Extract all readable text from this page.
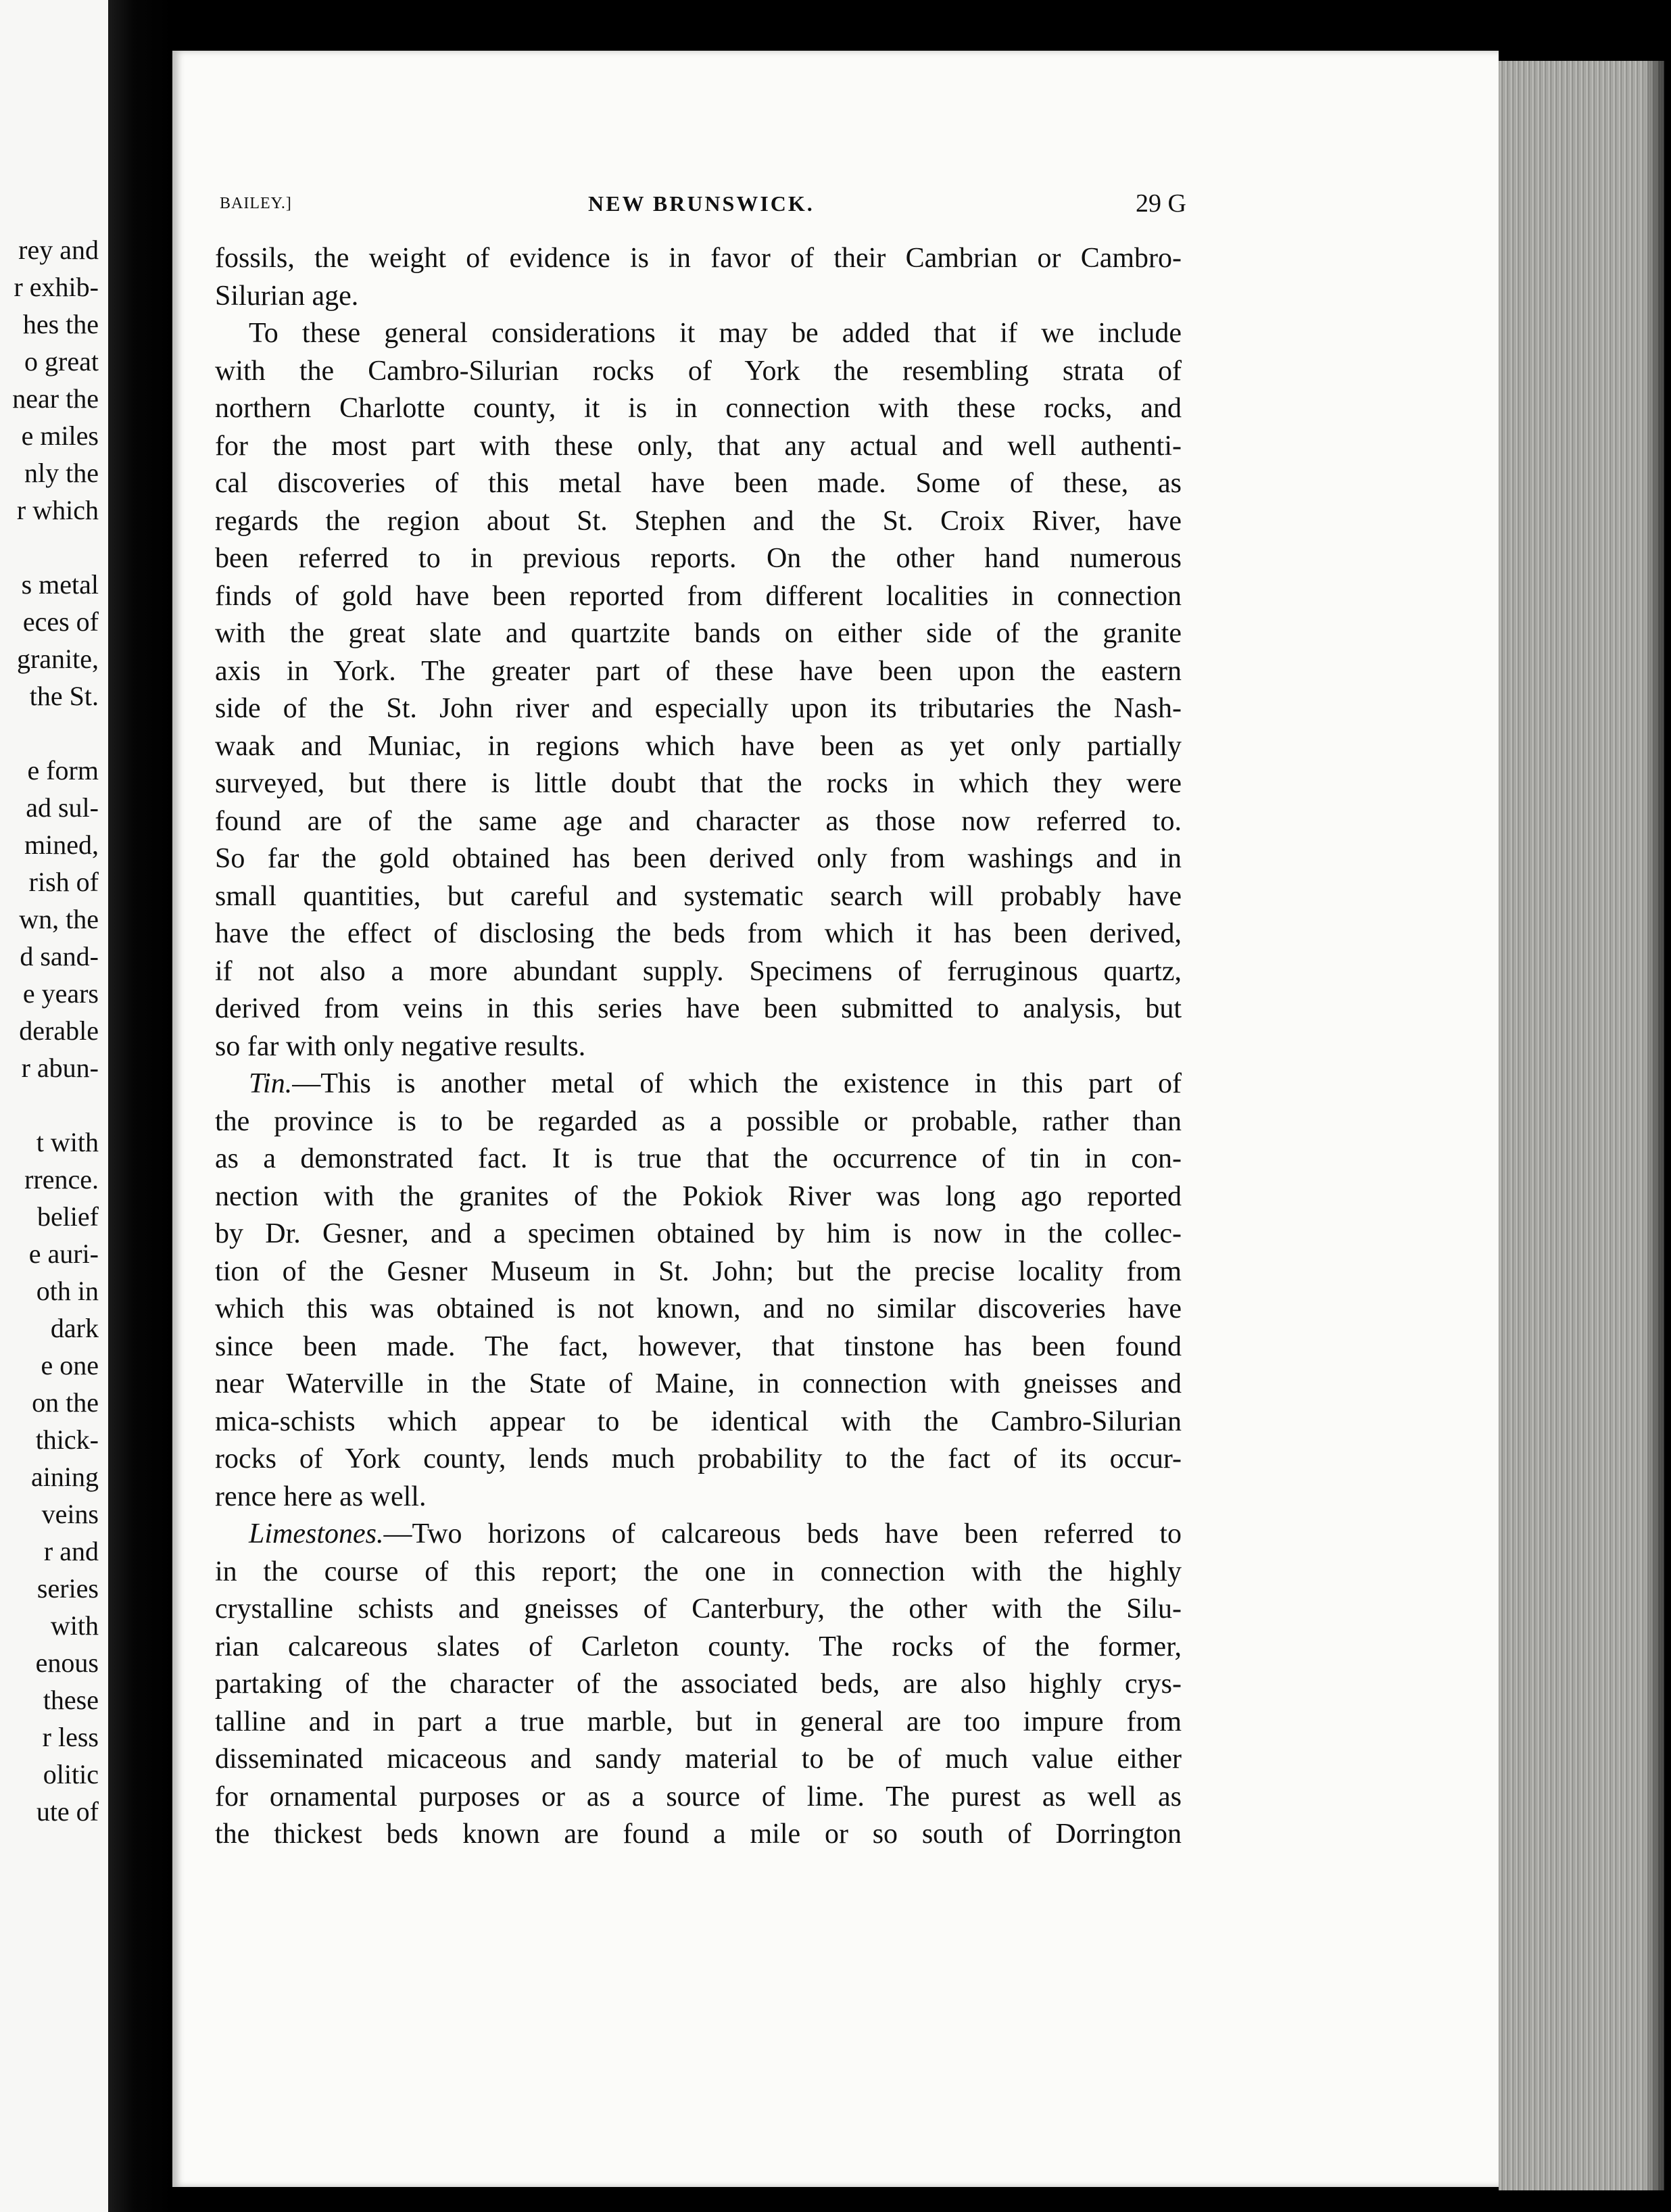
rey and
r exhib-
hes the
o great
near the
e miles
nly the
r which
s metal
eces of
granite,
the St.
e form
ad sul-
mined,
rish of
wn, the
d sand-
e years
derable
r abun-
t with
rrence.
belief
e auri-
oth in
dark
e one
on the
thick-
aining
veins
r and
series
with
enous
these
r less
olitic
ute of
BAILEY.]	NEW BRUNSWICK.	29 G
fossils, the weight of evidence is in favor of their Cambrian or Cambro-
Silurian age.
To these general considerations it may be added that if we include
with the Cambro-Silurian rocks of York the resembling strata of
northern Charlotte county, it is in connection with these rocks, and
for the most part with these only, that any actual and well authenti-
cal discoveries of this metal have been made. Some of these, as
regards the region about St. Stephen and the St. Croix River, have
been referred to in previous reports. On the other hand numerous
finds of gold have been reported from different localities in connection
with the great slate and quartzite bands on either side of the granite
axis in York. The greater part of these have been upon the eastern
side of the St. John river and especially upon its tributaries the Nash-
waak and Muniac, in regions which have been as yet only partially
surveyed, but there is little doubt that the rocks in which they were
found are of the same age and character as those now referred to.
So far the gold obtained has been derived only from washings and in
small quantities, but careful and systematic search will probably have
have the effect of disclosing the beds from which it has been derived,
if not also a more abundant supply. Specimens of ferruginous quartz,
derived from veins in this series have been submitted to analysis, but
so far with only negative results.
Tin.—This is another metal of which the existence in this part of
the province is to be regarded as a possible or probable, rather than
as a demonstrated fact. It is true that the occurrence of tin in con-
nection with the granites of the Pokiok River was long ago reported
by Dr. Gesner, and a specimen obtained by him is now in the collec-
tion of the Gesner Museum in St. John; but the precise locality from
which this was obtained is not known, and no similar discoveries have
since been made. The fact, however, that tinstone has been found
near Waterville in the State of Maine, in connection with gneisses and
mica-schists which appear to be identical with the Cambro-Silurian
rocks of York county, lends much probability to the fact of its occur-
rence here as well.
Limestones.—Two horizons of calcareous beds have been referred to
in the course of this report; the one in connection with the highly
crystalline schists and gneisses of Canterbury, the other with the Silu-
rian calcareous slates of Carleton county. The rocks of the former,
partaking of the character of the associated beds, are also highly crys-
talline and in part a true marble, but in general are too impure from
disseminated micaceous and sandy material to be of much value either
for ornamental purposes or as a source of lime. The purest as well as
the thickest beds known are found a mile or so south of Dorrington
